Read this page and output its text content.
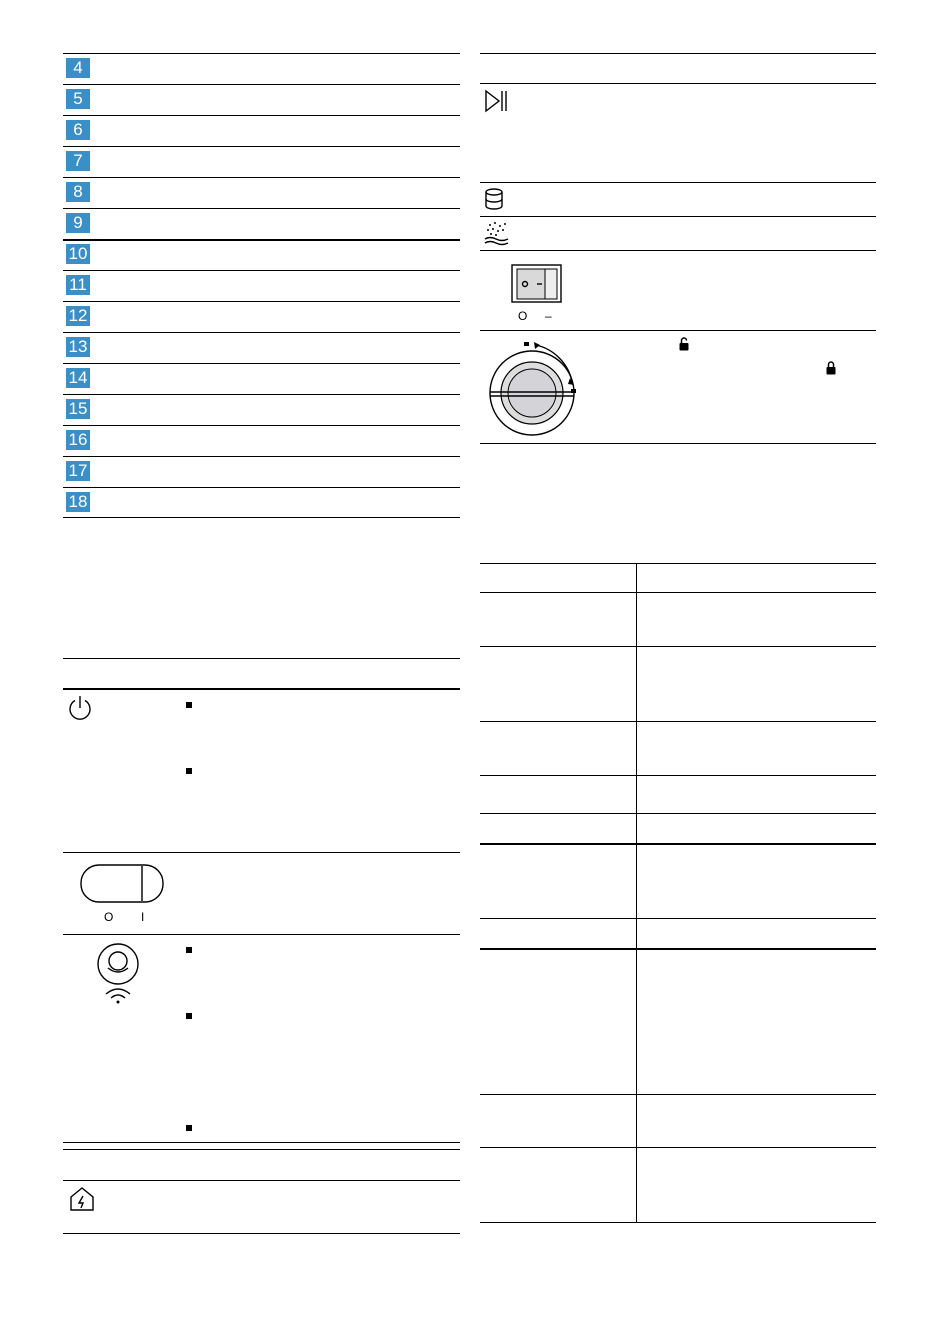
4
5
6
7
8
9
10
11
12
13
14
15
16
17
18
O I
O –
